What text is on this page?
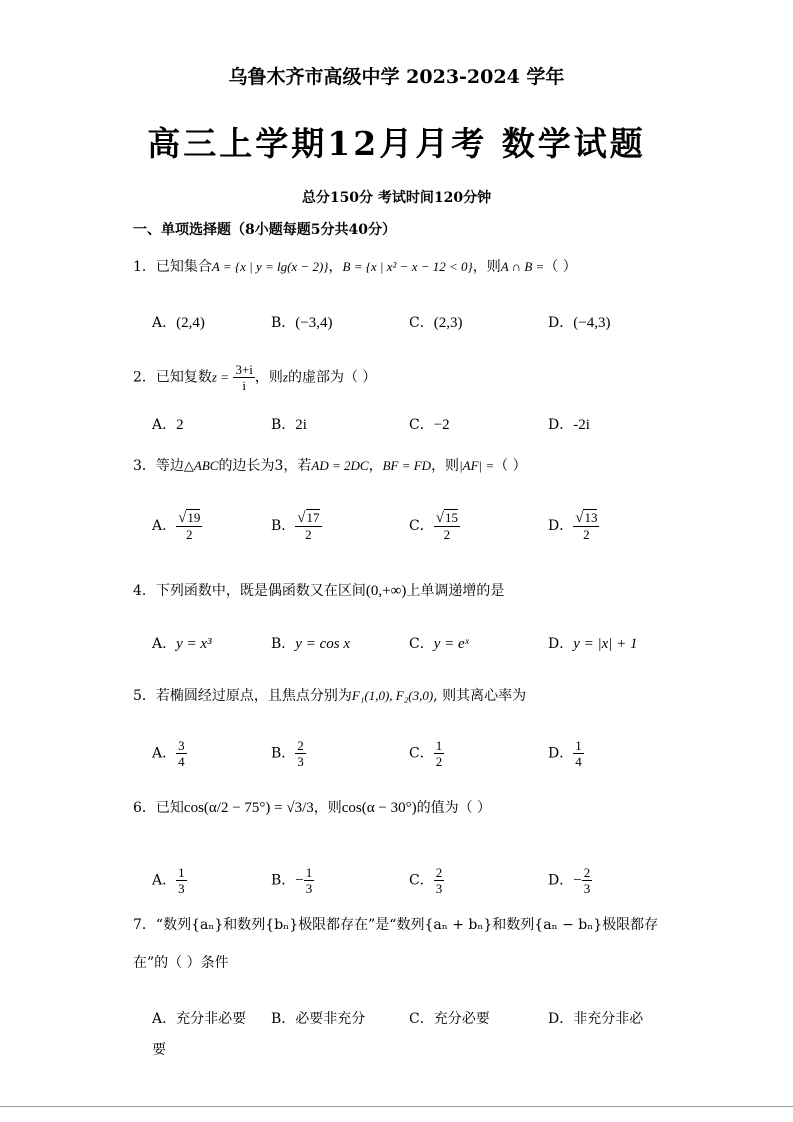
乌鲁木齐市高级中学 2023-2024 学年
高三上学期12月月考 数学试题
总分150分 考试时间120分钟
一、单项选择题（8小题每题5分共40分）
1．已知集合A = {x | y = lg(x − 2)}，B = {x | x² − x − 12 < 0}，则A ∩ B =（ ）
A．(2,4)	B．(−3,4)	C．(2,3)	D．(−4,3)
2．已知复数$z = \frac{3+i}{i}$ ，则z的虚部为（ ）
A．2	B．2i	C．−2	D．-2i
3．等边△ABC的边长为3，若AD = 2DC，BF = FD，则|AF| =（ ）
A． $\frac{√19}{2}$	B． $\frac{√17}{2}$	C． $\frac{√15}{2}$	D． $\frac{√13}{2}$
4．下列函数中，既是偶函数又在区间(0,+∞)上单调递增的是
A．y = x³	B．y = cos x	C．y = eˣ	D．y = |x| + 1
5．若椭圆经过原点，且焦点分别为F₁(1,0), F₂(3,0), 则其离心率为
A． $\frac{3}{4}$	B． $\frac{2}{3}$	C． $\frac{1}{2}$	D． $\frac{1}{4}$
6．已知cos(α/2 − 75°) = √3/3，则cos(α − 30°)的值为（ ）
A． $\frac{1}{3}$	B．− $\frac{1}{3}$	C． $\frac{2}{3}$	D．− $\frac{2}{3}$
7．“数列{aₙ}和数列{bₙ}极限都存在”是“数列{aₙ + bₙ}和数列{aₙ − bₙ}极限都存
在”的（ ）条件
A．充分非必要 B．必要非充分	C．充分必要	D．非充分非必
要
